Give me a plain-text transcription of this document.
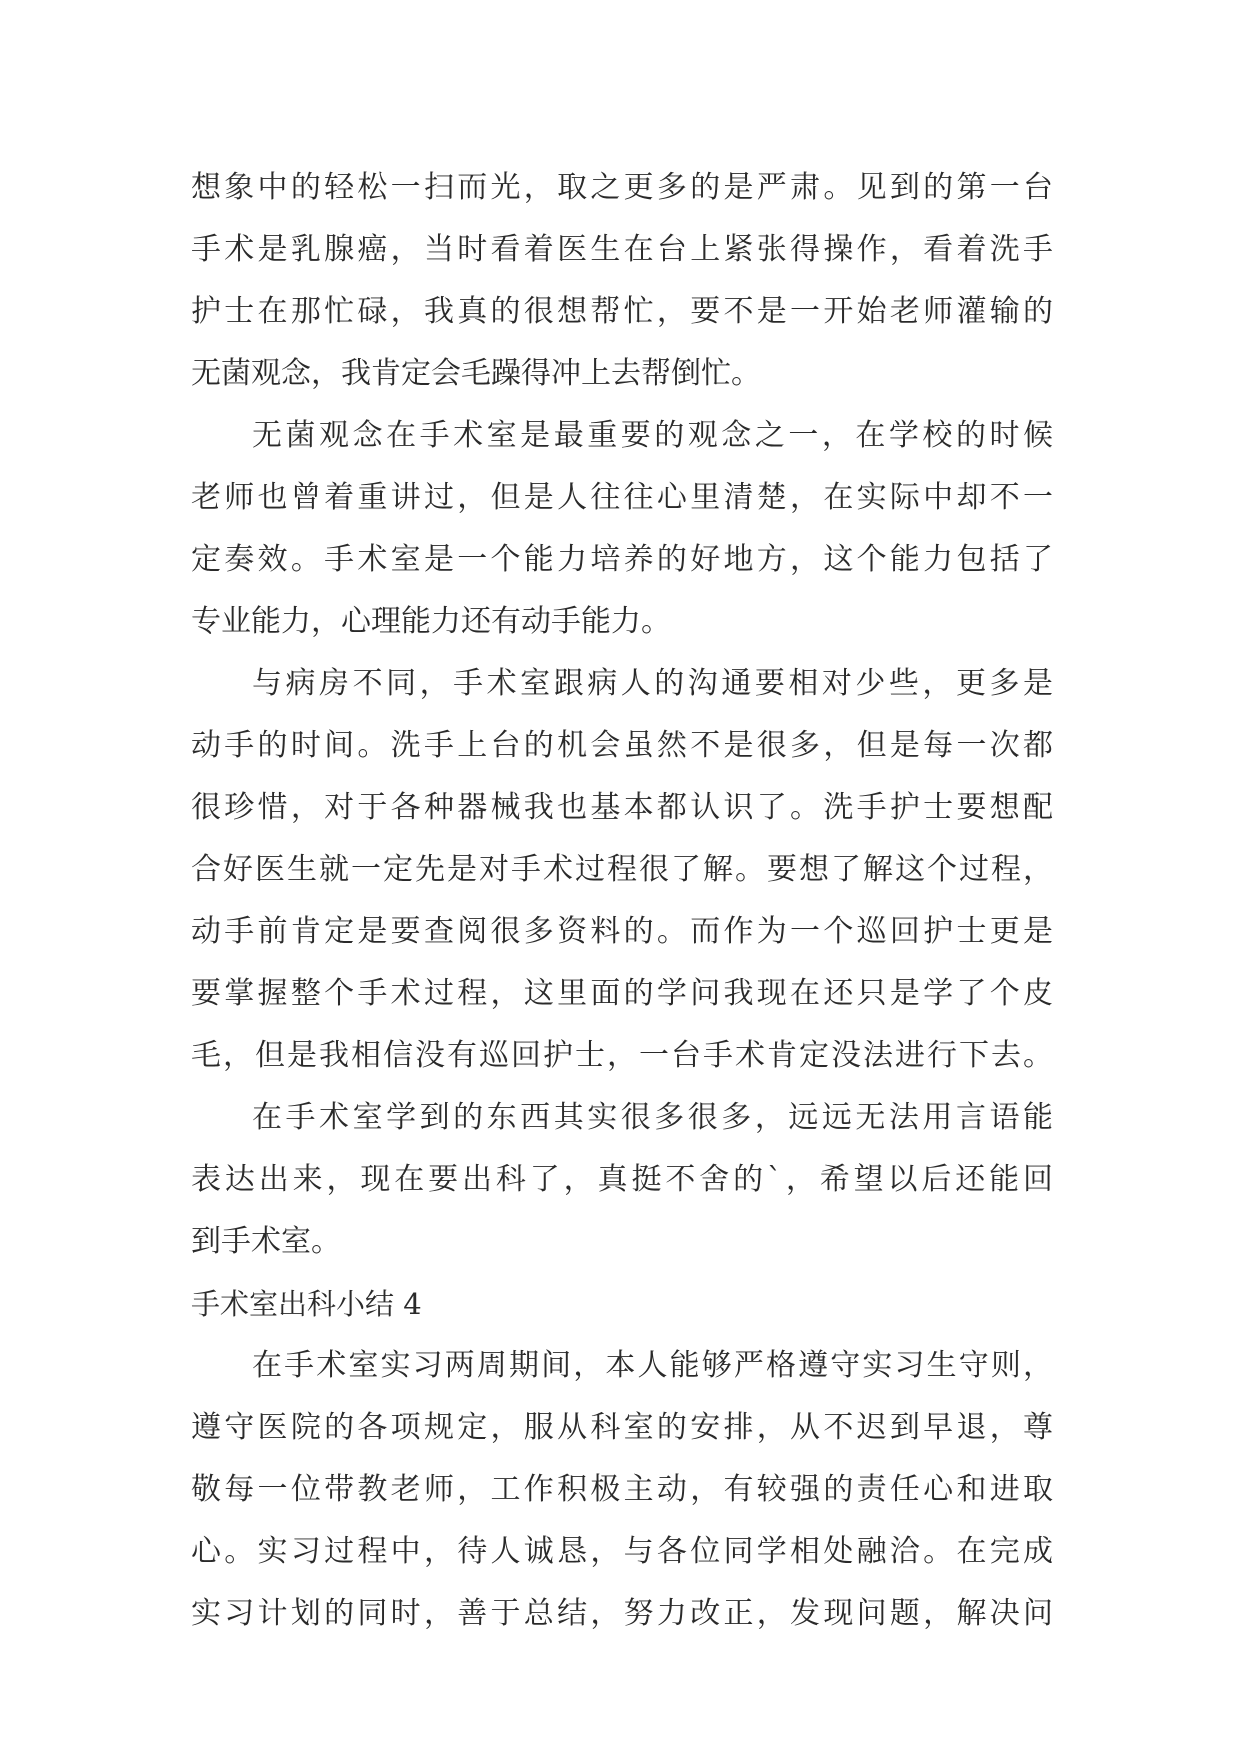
想象中的轻松一扫而光，取之更多的是严肃。见到的第一台
手术是乳腺癌，当时看着医生在台上紧张得操作，看着洗手
护士在那忙碌，我真的很想帮忙，要不是一开始老师灌输的
无菌观念，我肯定会毛躁得冲上去帮倒忙。
无菌观念在手术室是最重要的观念之一，在学校的时候
老师也曾着重讲过，但是人往往心里清楚，在实际中却不一
定奏效。手术室是一个能力培养的好地方，这个能力包括了
专业能力，心理能力还有动手能力。
与病房不同，手术室跟病人的沟通要相对少些，更多是
动手的时间。洗手上台的机会虽然不是很多，但是每一次都
很珍惜，对于各种器械我也基本都认识了。洗手护士要想配
合好医生就一定先是对手术过程很了解。要想了解这个过程，
动手前肯定是要查阅很多资料的。而作为一个巡回护士更是
要掌握整个手术过程，这里面的学问我现在还只是学了个皮
毛，但是我相信没有巡回护士，一台手术肯定没法进行下去。
在手术室学到的东西其实很多很多，远远无法用言语能
表达出来，现在要出科了，真挺不舍的`，希望以后还能回
到手术室。
手术室出科小结 4
在手术室实习两周期间，本人能够严格遵守实习生守则，
遵守医院的各项规定，服从科室的安排，从不迟到早退，尊
敬每一位带教老师，工作积极主动，有较强的责任心和进取
心。实习过程中，待人诚恳，与各位同学相处融洽。在完成
实习计划的同时，善于总结，努力改正，发现问题，解决问
